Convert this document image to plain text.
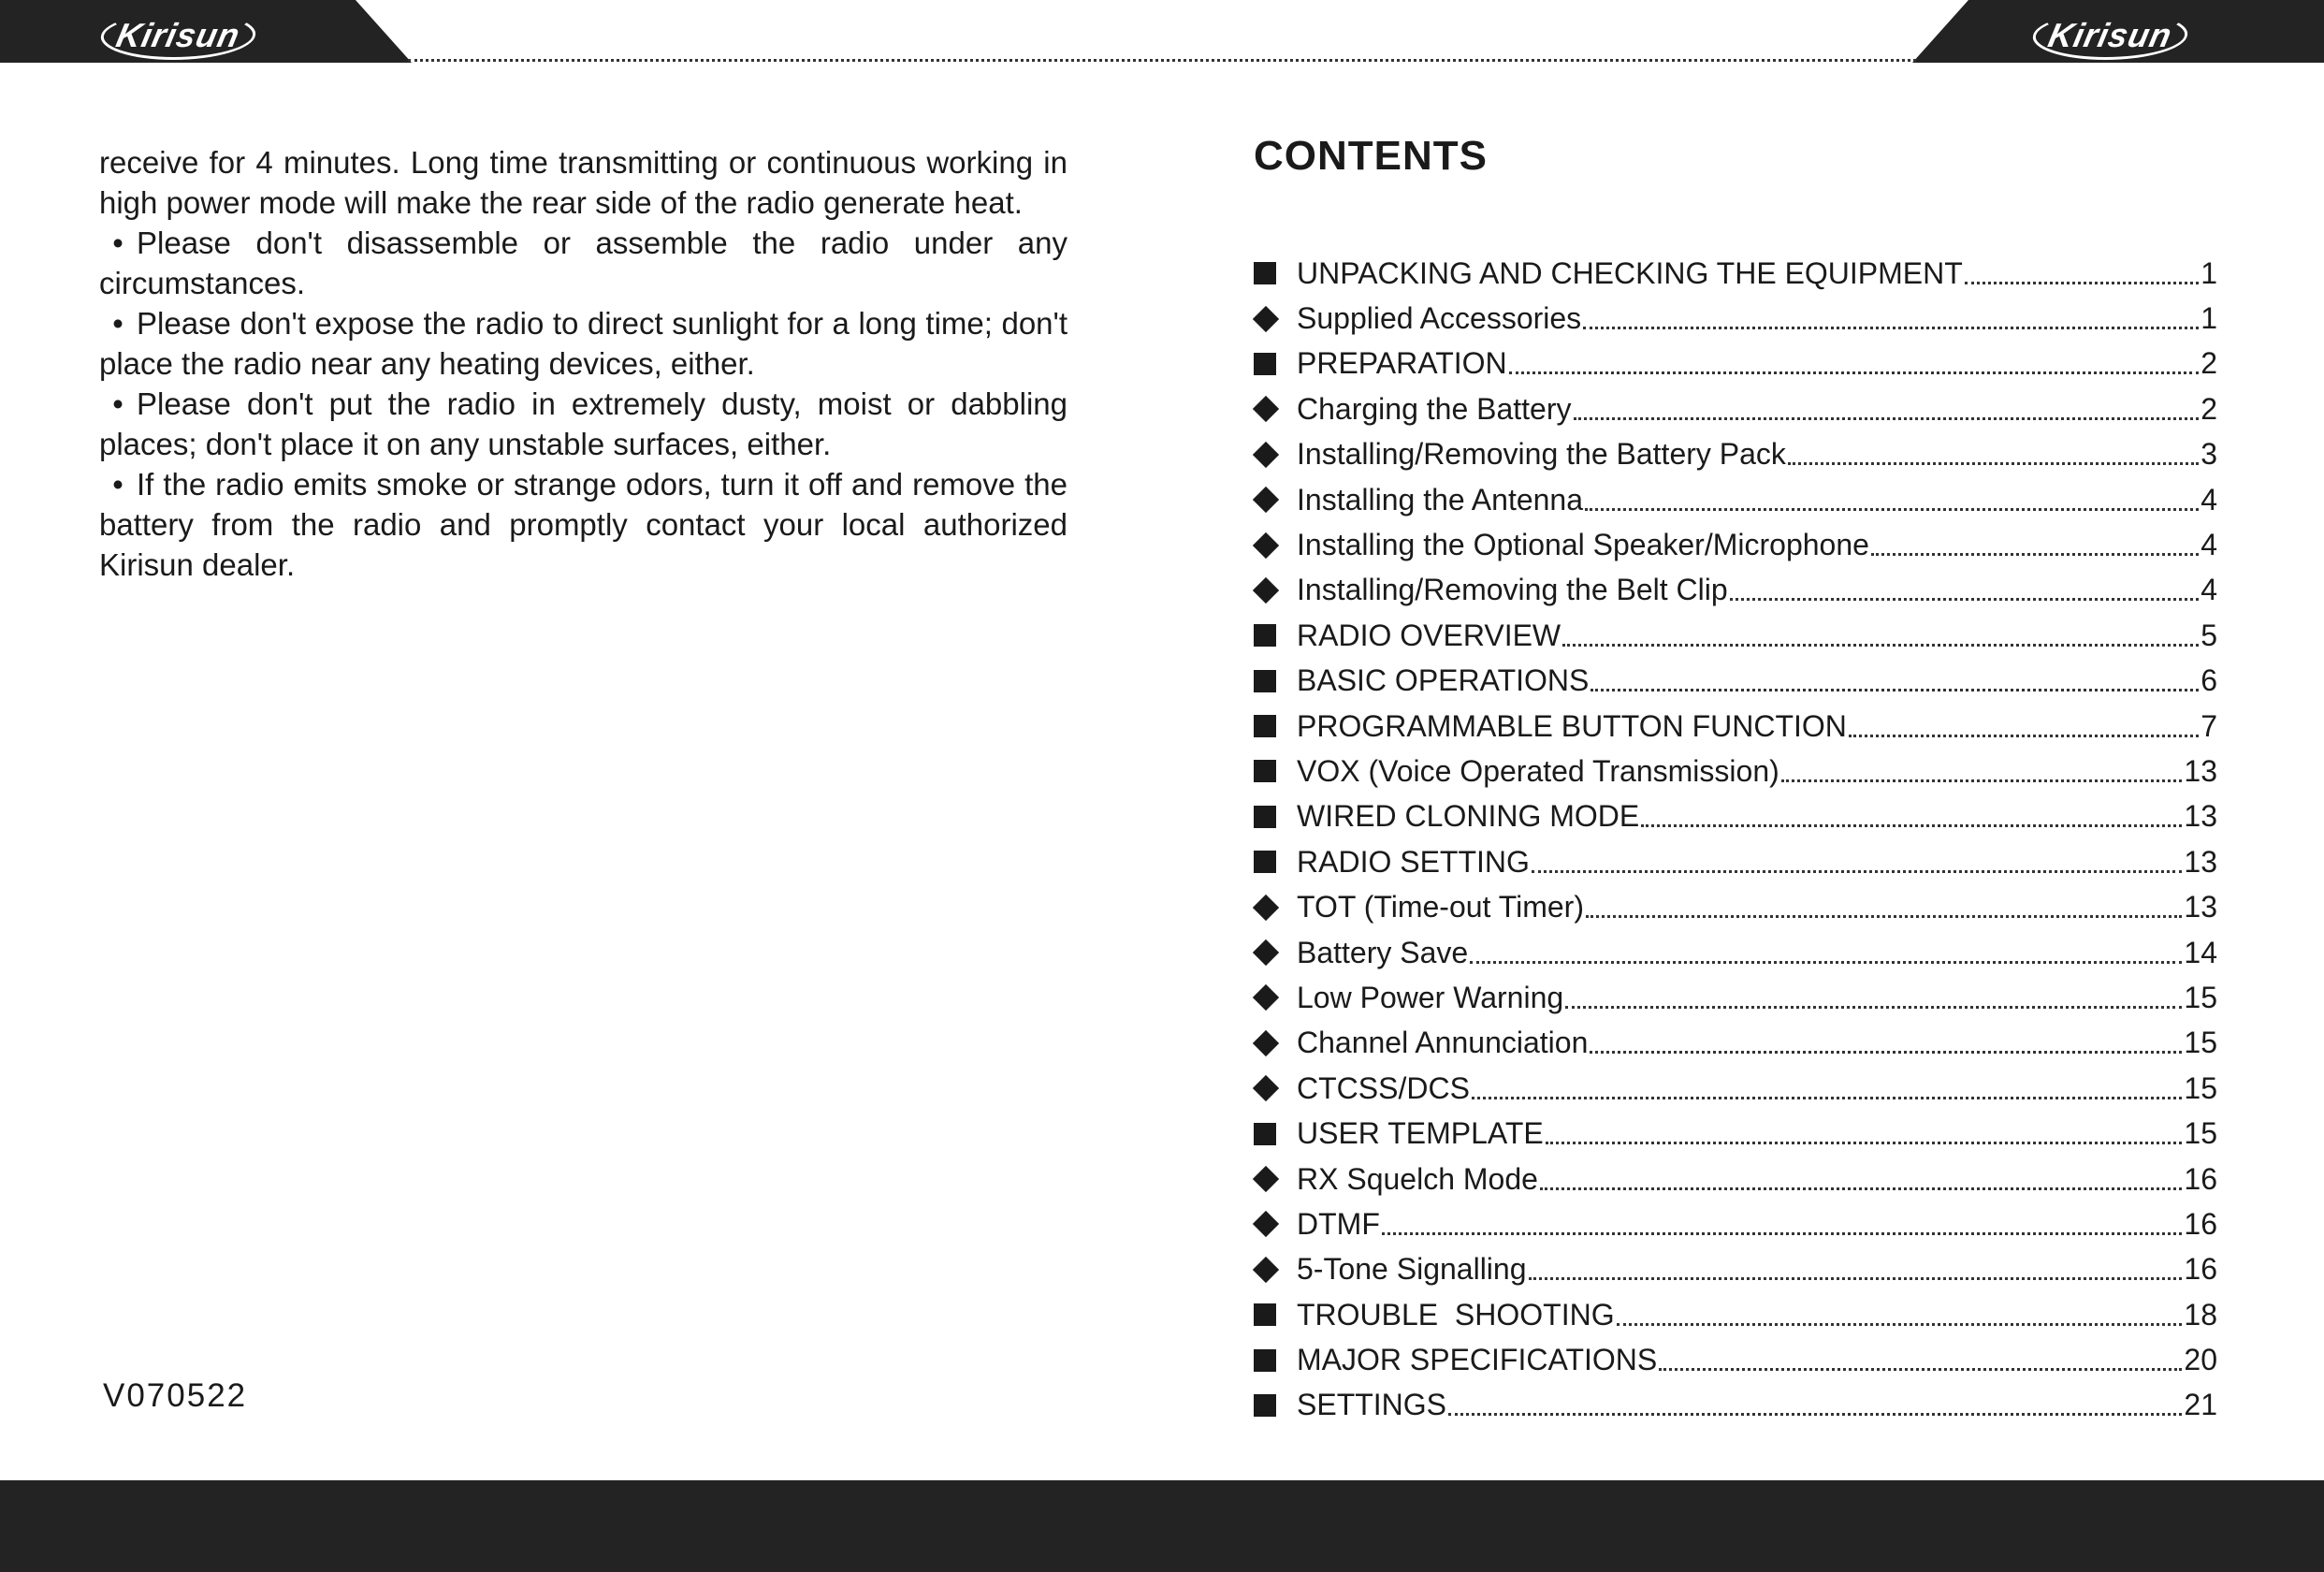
Kirisun	Kirisun

receive for 4 minutes. Long time transmitting or continuous working in high power mode will make the rear side of the radio generate heat.

• Please don't disassemble or assemble the radio under any circumstances.

• Please don't expose the radio to direct sunlight for a long time; don't place the radio near any heating devices, either.

• Please don't put the radio in extremely dusty, moist or dabbling places; don't place it on any unstable surfaces, either.

• If the radio emits smoke or strange odors, turn it off and remove the battery from the radio and promptly contact your local authorized Kirisun dealer.

V070522
CONTENTS
UNPACKING AND CHECKING THE EQUIPMENT	1
Supplied Accessories	1
PREPARATION	2
Charging the Battery	2
Installing/Removing the Battery Pack	3
Installing the Antenna	4
Installing the Optional Speaker/Microphone	4
Installing/Removing the Belt Clip	4
RADIO OVERVIEW	5
BASIC OPERATIONS	6
PROGRAMMABLE BUTTON FUNCTION	7
VOX (Voice Operated Transmission)	13
WIRED CLONING MODE	13
RADIO SETTING	13
TOT (Time-out Timer)	13
Battery Save	14
Low Power Warning	15
Channel Annunciation	15
CTCSS/DCS	15
USER TEMPLATE	15
RX Squelch Mode	16
DTMF	16
5-Tone Signalling	16
TROUBLE  SHOOTING	18
MAJOR SPECIFICATIONS	20
SETTINGS	21
